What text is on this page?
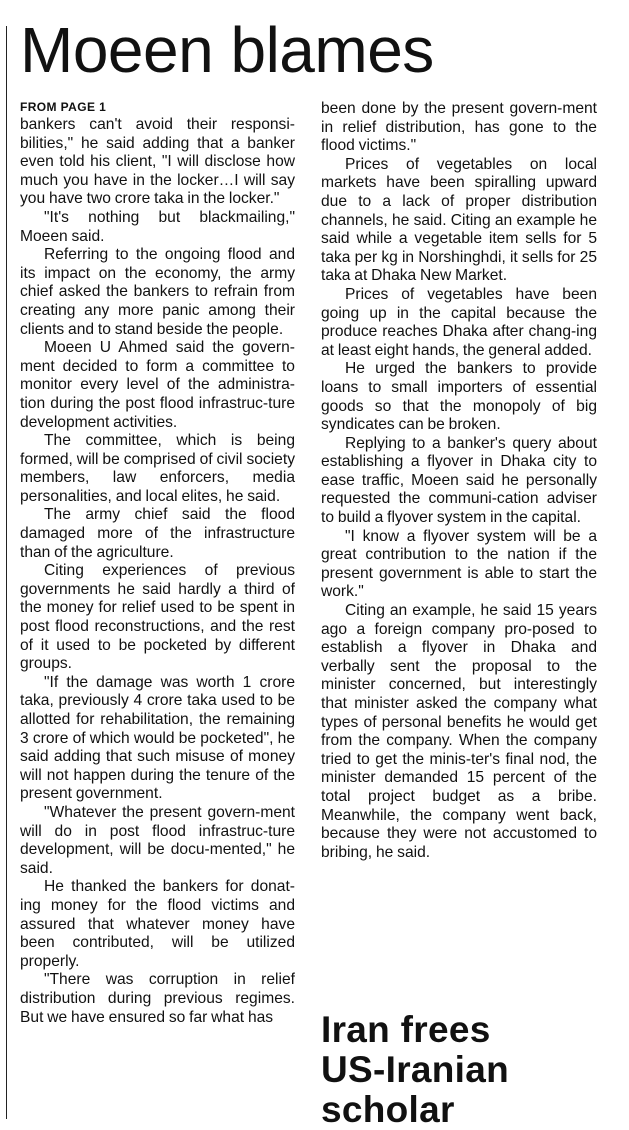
Moeen blames
FROM PAGE 1

bankers can't avoid their responsi-bilities," he said adding that a banker even told his client, "I will disclose how much you have in the locker…I will say you have two crore taka in the locker."

"It's nothing but blackmailing," Moeen said.

Referring to the ongoing flood and its impact on the economy, the army chief asked the bankers to refrain from creating any more panic among their clients and to stand beside the people.

Moeen U Ahmed said the govern-ment decided to form a committee to monitor every level of the administra-tion during the post flood infrastruc-ture development activities.

The committee, which is being formed, will be comprised of civil society members, law enforcers, media personalities, and local elites, he said.

The army chief said the flood damaged more of the infrastructure than of the agriculture.

Citing experiences of previous governments he said hardly a third of the money for relief used to be spent in post flood reconstructions, and the rest of it used to be pocketed by different groups.

"If the damage was worth 1 crore taka, previously 4 crore taka used to be allotted for rehabilitation, the remaining 3 crore of which would be pocketed", he said adding that such misuse of money will not happen during the tenure of the present government.

"Whatever the present govern-ment will do in post flood infrastruc-ture development, will be docu-mented," he said.

He thanked the bankers for donat-ing money for the flood victims and assured that whatever money have been contributed, will be utilized properly.

"There was corruption in relief distribution during previous regimes. But we have ensured so far what has

been done by the present govern-ment in relief distribution, has gone to the flood victims."

Prices of vegetables on local markets have been spiralling upward due to a lack of proper distribution channels, he said. Citing an example he said while a vegetable item sells for 5 taka per kg in Norshinghdi, it sells for 25 taka at Dhaka New Market.

Prices of vegetables have been going up in the capital because the produce reaches Dhaka after chang-ing at least eight hands, the general added.

He urged the bankers to provide loans to small importers of essential goods so that the monopoly of big syndicates can be broken.

Replying to a banker's query about establishing a flyover in Dhaka city to ease traffic, Moeen said he personally requested the communi-cation adviser to build a flyover system in the capital.

"I know a flyover system will be a great contribution to the nation if the present government is able to start the work."

Citing an example, he said 15 years ago a foreign company pro-posed to establish a flyover in Dhaka and verbally sent the proposal to the minister concerned, but interestingly that minister asked the company what types of personal benefits he would get from the company. When the company tried to get the minis-ter's final nod, the minister demanded 15 percent of the total project budget as a bribe. Meanwhile, the company went back, because they were not accustomed to bribing, he said.

Iran frees
US-Iranian
scholar
